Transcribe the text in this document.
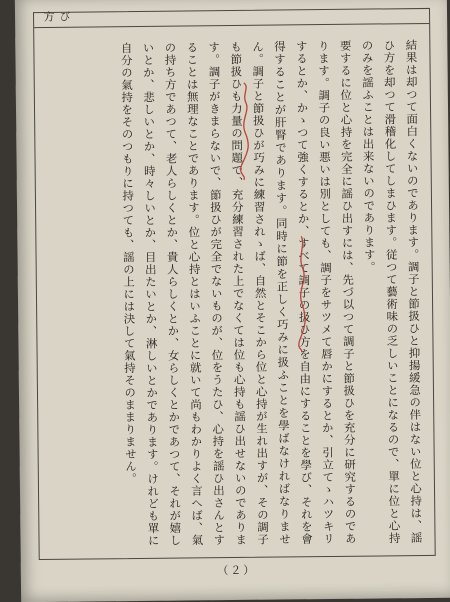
び方

結果は却つて面白くないのであります。調子と節扱ひと抑揚緩急の伴はない位と心持は、謡ひ方を却つて滑稽化してしまひます。従つて藝術味の乏しいことになるので、單に位と心持のみを謡ふことは出来ないのであります。

要するに位と心持を完全に謡ひ出すには、先づ以つて調子と節扱ひを充分に研究するのであります。調子の良い悪いは別としても、調子をサツメて唇かにするとか、引立てゝハツキリするとか、かゝつて強くするとか、すべて調子の扱ひ方を自由にすることを學び、それを會得することが肝腎であります。同時に節を正しく巧みに扱ふことを學ばなければなりません。調子と節扱ひが巧みに練習されゝば、自然とそこから位と心持が生れ出すが、その調子も節扱ひも力量の問題で、充分練習された上でなくては位も心持も謡ひ出せないのであります。調子がきまらないで、節扱ひが完全でないものが、位をうたひ、心持を謡ひ出さんとすることは無理なことであります。位と心持とはいふことに就いて尚もわかりよく言へば、氣の持ち方であつて、老人らしくとか、貴人らしくとか、女らしくとかであつて、それが嬉しいとか、悲しいとか、時々しいとか、目出たいとか、淋しいとかであります。けれども單に自分の氣持をそのつもりに持つても、謡の上には決して氣持そのままりません。

（２）
